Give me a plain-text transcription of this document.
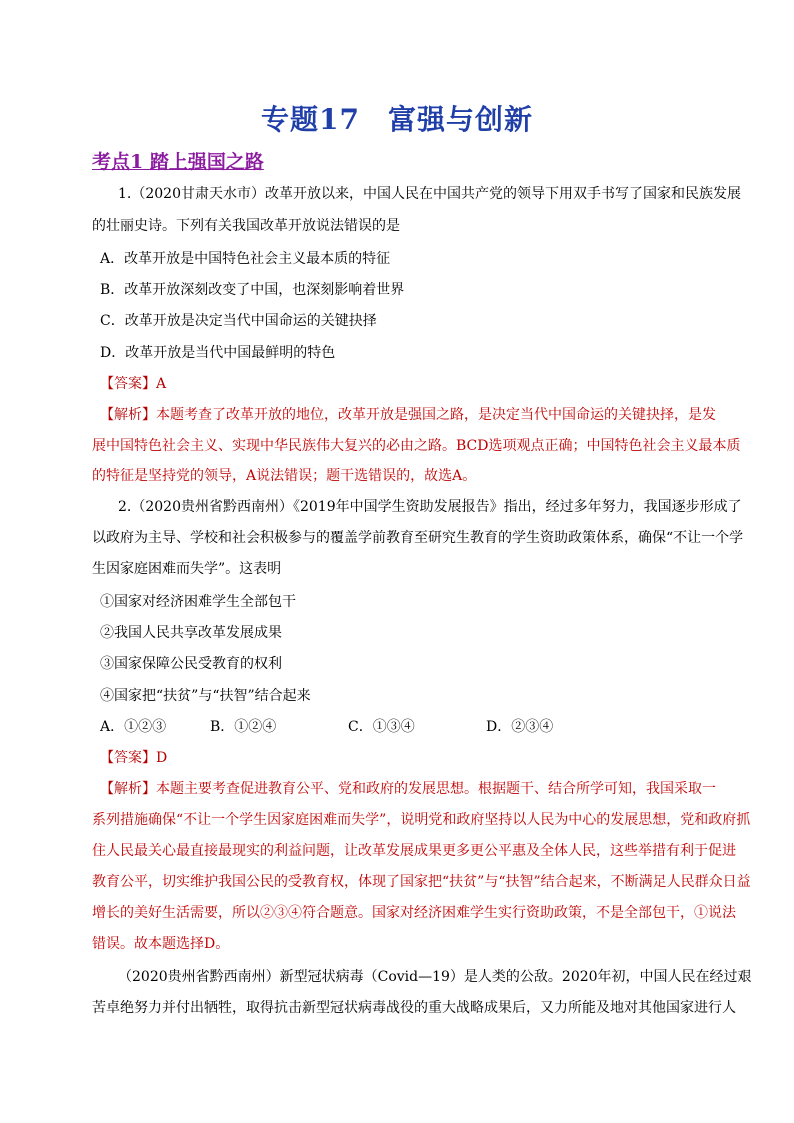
专题17 富强与创新
考点1 踏上强国之路
1.（2020甘肃天水市）改革开放以来，中国人民在中国共产党的领导下用双手书写了国家和民族发展
的壮丽史诗。下列有关我国改革开放说法错误的是
A．改革开放是中国特色社会主义最本质的特征
B．改革开放深刻改变了中国，也深刻影响着世界
C．改革开放是决定当代中国命运的关键抉择
D．改革开放是当代中国最鲜明的特色
【答案】A
【解析】本题考查了改革开放的地位，改革开放是强国之路，是决定当代中国命运的关键抉择，是发
展中国特色社会主义、实现中华民族伟大复兴的必由之路。BCD选项观点正确；中国特色社会主义最本质
的特征是坚持党的领导，A说法错误；题干选错误的，故选A。
2.（2020贵州省黔西南州）《2019年中国学生资助发展报告》指出，经过多年努力，我国逐步形成了
以政府为主导、学校和社会积极参与的覆盖学前教育至研究生教育的学生资助政策体系，确保“不让一个学
生因家庭困难而失学”。这表明
①国家对经济困难学生全部包干
②我国人民共享改革发展成果
③国家保障公民受教育的权利
④国家把“扶贫”与“扶智”结合起来
A．①②③	B．①②④	C．①③④	D．②③④
【答案】D
【解析】本题主要考查促进教育公平、党和政府的发展思想。根据题干、结合所学可知，我国采取一
系列措施确保“不让一个学生因家庭困难而失学”，说明党和政府坚持以人民为中心的发展思想，党和政府抓
住人民最关心最直接最现实的利益问题，让改革发展成果更多更公平惠及全体人民，这些举措有利于促进
教育公平，切实维护我国公民的受教育权，体现了国家把“扶贫”与“扶智”结合起来，不断满足人民群众日益
增长的美好生活需要，所以②③④符合题意。国家对经济困难学生实行资助政策，不是全部包干，①说法
错误。故本题选择D。
（2020贵州省黔西南州）新型冠状病毒（Covid—19）是人类的公敌。2020年初，中国人民在经过艰
苦卓绝努力并付出牺牲，取得抗击新型冠状病毒战役的重大战略成果后，又力所能及地对其他国家进行人
